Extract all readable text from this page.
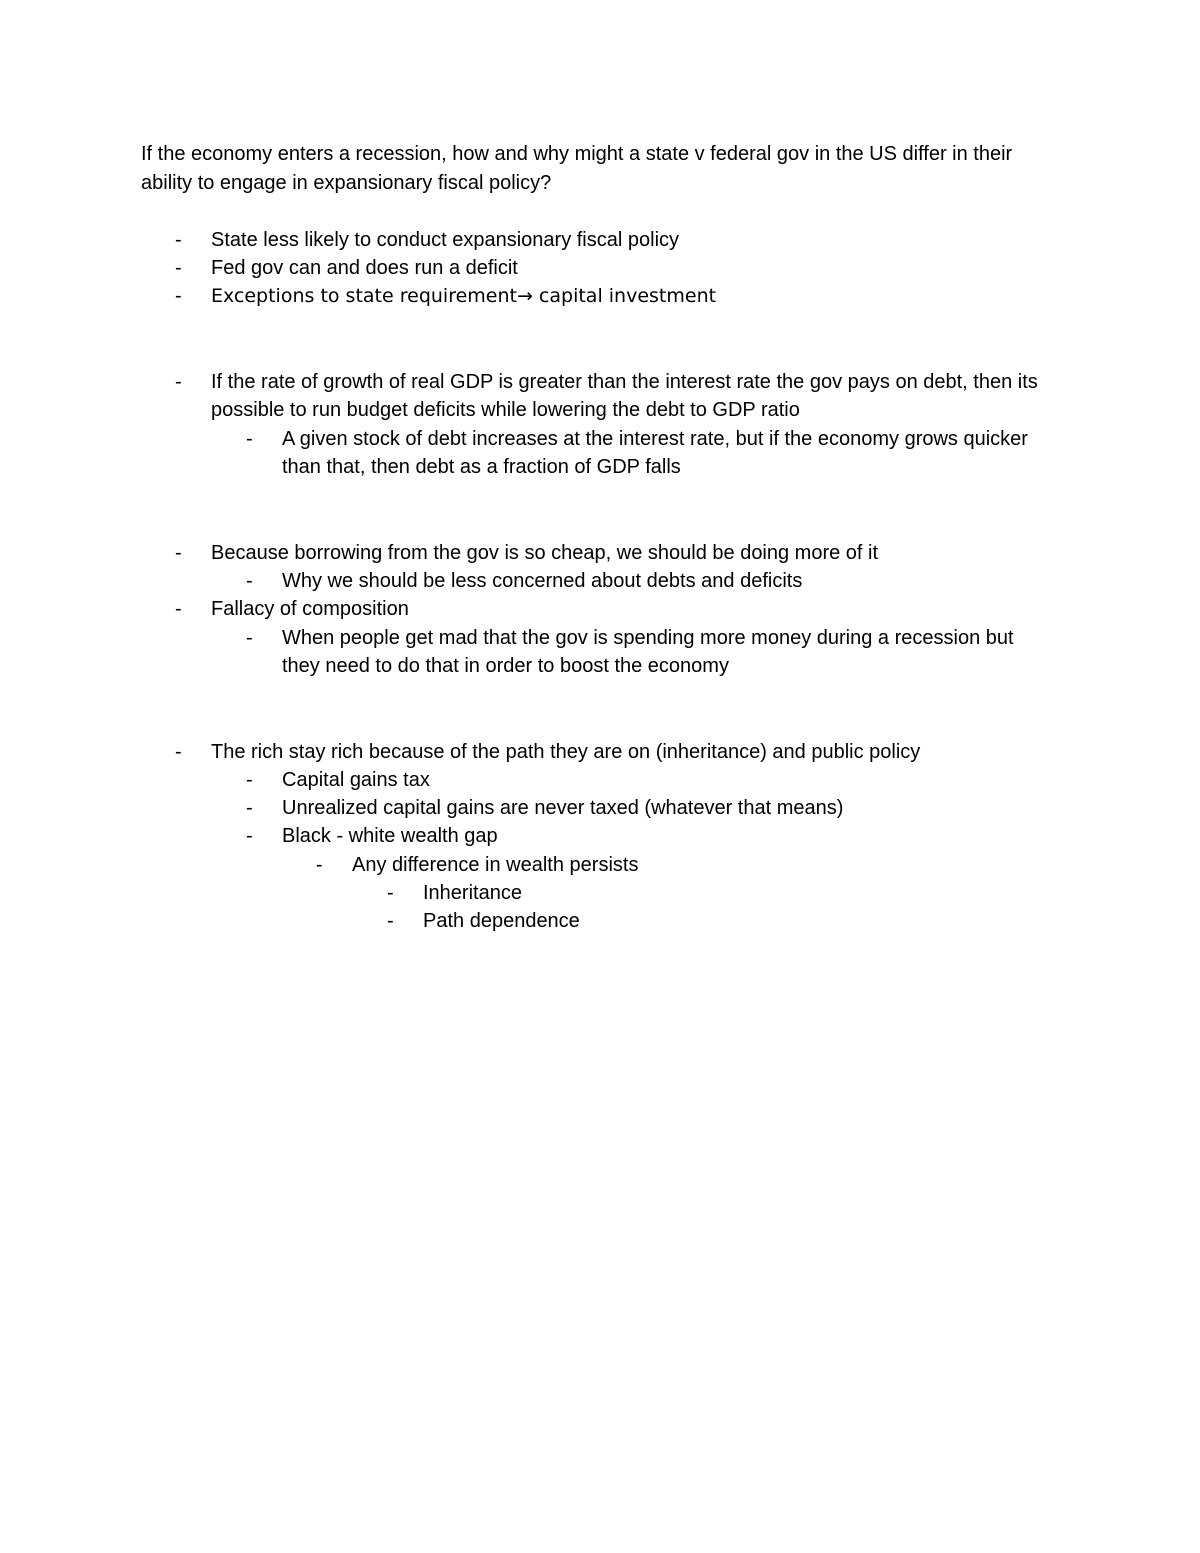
If the economy enters a recession, how and why might a state v federal gov in the US differ in their ability to engage in expansionary fiscal policy?
-	State less likely to conduct expansionary fiscal policy
-	Fed gov can and does run a deficit
-	Exceptions to state requirement→ capital investment
-	If the rate of growth of real GDP is greater than the interest rate the gov pays on debt, then its possible to run budget deficits while lowering the debt to GDP ratio
-	A given stock of debt increases at the interest rate, but if the economy grows quicker than that, then debt as a fraction of GDP falls
-	Because borrowing from the gov is so cheap, we should be doing more of it
-	Why we should be less concerned about debts and deficits
-	Fallacy of composition
-	When people get mad that the gov is spending more money during a recession but they need to do that in order to boost the economy
-	The rich stay rich because of the path they are on (inheritance) and public policy
-	Capital gains tax
-	Unrealized capital gains are never taxed (whatever that means)
-	Black - white wealth gap
-	Any difference in wealth persists
-	Inheritance
-	Path dependence
